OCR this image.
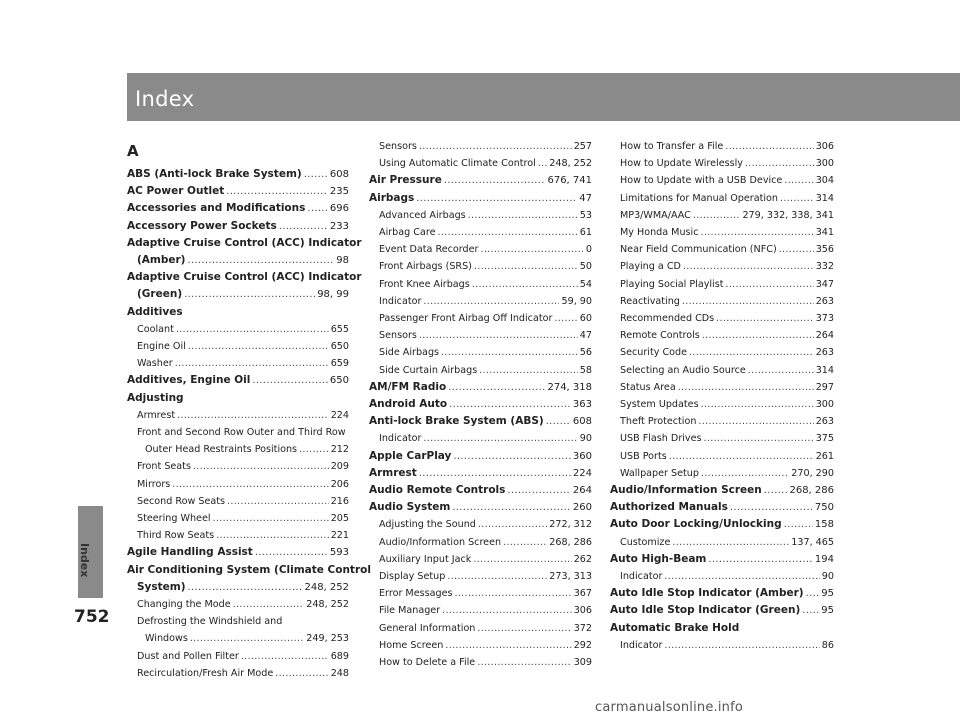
Index
Index
752
A
ABS (Anti-lock Brake System) .....	608
AC Power Outlet .....	235
Accessories and Modifications ..... 696
Accessory Power Sockets .....	233
Adaptive Cruise Control (ACC) Indicator
(Amber) .....	98
Adaptive Cruise Control (ACC) Indicator
(Green) .....	98, 99
Additives
Coolant .....	655
Engine Oil .....	650
Washer .....	659
Additives, Engine Oil .....	650
Adjusting
Armrest .....	224
Front and Second Row Outer and Third Row
Outer Head Restraints Positions .....	212
Front Seats .....	209
Mirrors .....	206
Second Row Seats .....	216
Steering Wheel .....	205
Third Row Seats .....	221
Agile Handling Assist .....	593
Air Conditioning System (Climate Control
System) .....	248, 252
Changing the Mode .....	248, 252
Defrosting the Windshield and
Windows .....	249, 253
Dust and Pollen Filter .....	689
Recirculation/Fresh Air Mode .....	248
Sensors .....	257
Using Automatic Climate Control ..... 248, 252
Air Pressure .....	676, 741
Airbags .....	47
Advanced Airbags .....	53
Airbag Care .....	61
Event Data Recorder .....	0
Front Airbags (SRS) .....	50
Front Knee Airbags .....	54
Indicator .....	59, 90
Passenger Front Airbag Off Indicator .....	60
Sensors .....	47
Side Airbags .....	56
Side Curtain Airbags .....	58
AM/FM Radio .....	274, 318
Android Auto .....	363
Anti-lock Brake System (ABS) .....	608
Indicator .....	90
Apple CarPlay .....	360
Armrest .....	224
Audio Remote Controls .....	264
Audio System .....	260
Adjusting the Sound .....	272, 312
Audio/Information Screen .....	268, 286
Auxiliary Input Jack .....	262
Display Setup .....	273, 313
Error Messages .....	367
File Manager .....	306
General Information .....	372
Home Screen .....	292
How to Delete a File .....	309
How to Transfer a File .....	306
How to Update Wirelessly .....	300
How to Update with a USB Device .....	304
Limitations for Manual Operation .....	314
MP3/WMA/AAC .....	279, 332, 338, 341
My Honda Music .....	341
Near Field Communication (NFC) .....	356
Playing a CD .....	332
Playing Social Playlist .....	347
Reactivating .....	263
Recommended CDs .....	373
Remote Controls .....	264
Security Code .....	263
Selecting an Audio Source .....	314
Status Area .....	297
System Updates .....	300
Theft Protection .....	263
USB Flash Drives .....	375
USB Ports .....	261
Wallpaper Setup .....	270, 290
Audio/Information Screen .....	268, 286
Authorized Manuals .....	750
Auto Door Locking/Unlocking .....	158
Customize .....	137, 465
Auto High-Beam .....	194
Indicator .....	90
Auto Idle Stop Indicator (Amber) ..... 95
Auto Idle Stop Indicator (Green) ..... 95
Automatic Brake Hold
Indicator .....	86
carmanualsonline.info
